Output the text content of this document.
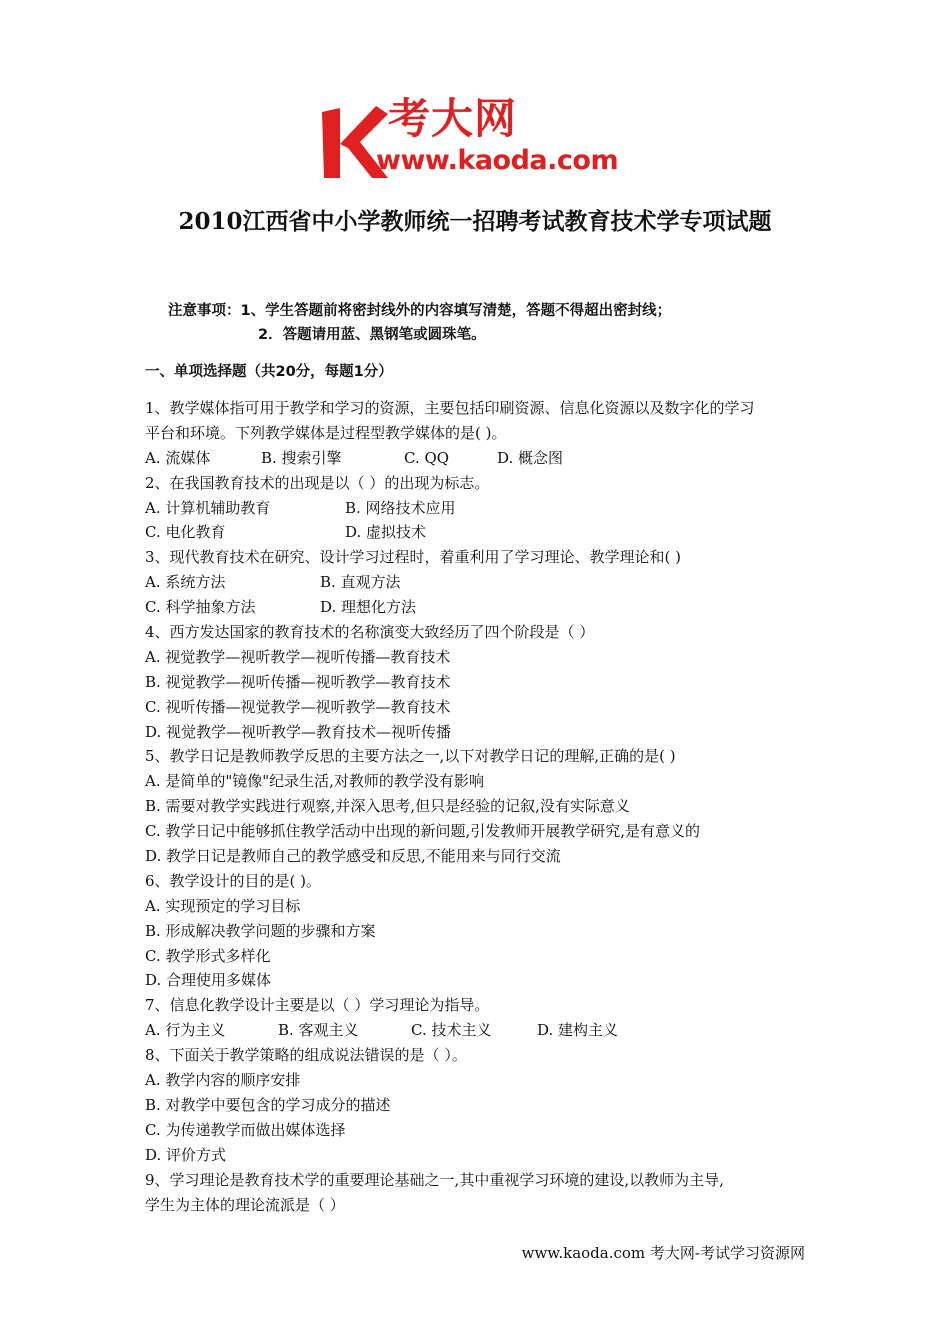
考大网
www.kaoda.com
2010江西省中小学教师统一招聘考试教育技术学专项试题
注意事项：1、学生答题前将密封线外的内容填写清楚，答题不得超出密封线；
2．答题请用蓝、黑钢笔或圆珠笔。
一、单项选择题（共20分，每题1分）
1、教学媒体指可用于教学和学习的资源，主要包括印刷资源、信息化资源以及数字化的学习
平台和环境。下列教学媒体是过程型教学媒体的是( )。
A. 流媒体	B. 搜索引擎	C. QQ	D. 概念图
2、在我国教育技术的出现是以（ ）的出现为标志。
A. 计算机辅助教育	B. 网络技术应用
C. 电化教育	D. 虚拟技术
3、现代教育技术在研究、设计学习过程时，着重利用了学习理论、教学理论和( )
A. 系统方法	B. 直观方法
C. 科学抽象方法	D. 理想化方法
4、西方发达国家的教育技术的名称演变大致经历了四个阶段是（ ）
A. 视觉教学—视听教学—视听传播—教育技术
B. 视觉教学—视听传播—视听教学—教育技术
C. 视听传播—视觉教学—视听教学—教育技术
D. 视觉教学—视听教学—教育技术—视听传播
5、教学日记是教师教学反思的主要方法之一,以下对教学日记的理解,正确的是( )
A. 是简单的"镜像"纪录生活,对教师的教学没有影响
B. 需要对教学实践进行观察,并深入思考,但只是经验的记叙,没有实际意义
C. 教学日记中能够抓住教学活动中出现的新问题,引发教师开展教学研究,是有意义的
D. 教学日记是教师自己的教学感受和反思,不能用来与同行交流
6、教学设计的目的是( )。
A. 实现预定的学习目标
B. 形成解决教学问题的步骤和方案
C. 教学形式多样化
D. 合理使用多媒体
7、信息化教学设计主要是以（ ）学习理论为指导。
A. 行为主义	B. 客观主义	C. 技术主义	D. 建构主义
8、下面关于教学策略的组成说法错误的是（ ）。
A. 教学内容的顺序安排
B. 对教学中要包含的学习成分的描述
C. 为传递教学而做出媒体选择
D. 评价方式
9、学习理论是教育技术学的重要理论基础之一,其中重视学习环境的建设,以教师为主导,
学生为主体的理论流派是（ ）
www.kaoda.com 考大网-考试学习资源网
